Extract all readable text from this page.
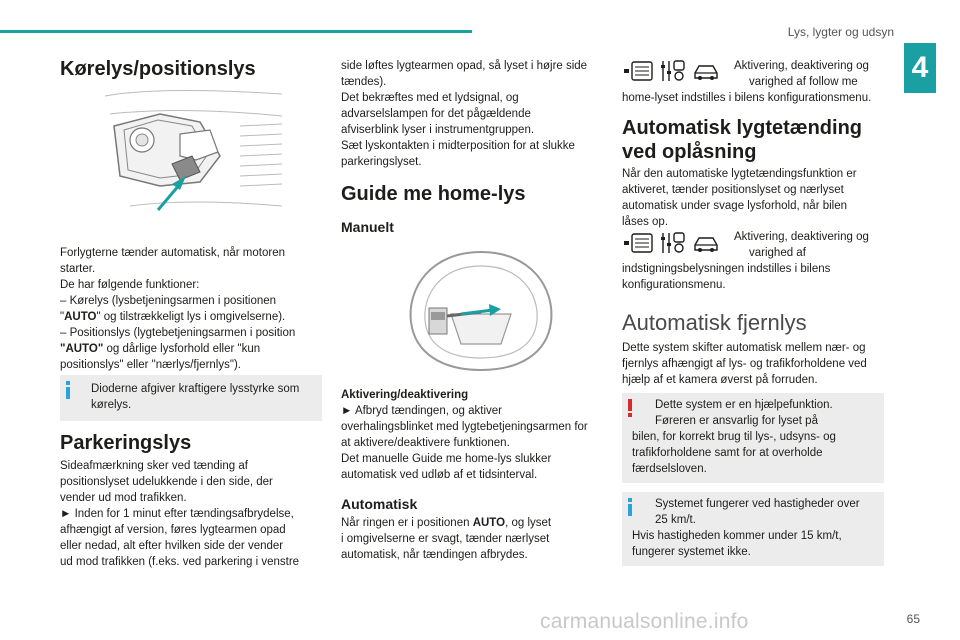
Lys, lygter og udsyn
4
Kørelys/positionslys
Forlygterne tænder automatisk, når motoren
starter.
De har følgende funktioner:
– Kørelys (lysbetjeningsarmen i positionen
"AUTO" og tilstrækkeligt lys i omgivelserne).
– Positionslys (lygtebetjeningsarmen i position
"AUTO" og dårlige lysforhold eller "kun
positionslys" eller "nærlys/fjernlys").
Dioderne afgiver kraftigere lysstyrke som
kørelys.
Parkeringslys
Sideafmærkning sker ved tænding af
positionslyset udelukkende i den side, der
vender ud mod trafikken.
► Inden for 1 minut efter tændingsafbrydelse,
afhængigt af version, føres lygtearmen opad
eller nedad, alt efter hvilken side der vender
ud mod trafikken (f.eks. ved parkering i venstre
side løftes lygtearmen opad, så lyset i højre side
tændes).
Det bekræftes med et lydsignal, og
advarselslampen for det pågældende
afviserblink lyser i instrumentgruppen.
Sæt lyskontakten i midterposition for at slukke
parkeringslyset.
Guide me home-lys
Manuelt
Aktivering/deaktivering
► Afbryd tændingen, og aktiver
overhalingsblinket med lygtebetjeningsarmen for
at aktivere/deaktivere funktionen.
Det manuelle Guide me home-lys slukker
automatisk ved udløb af et tidsinterval.
Automatisk
Når ringen er i positionen AUTO, og lyset
i omgivelserne er svagt, tænder nærlyset
automatisk, når tændingen afbrydes.
Aktivering, deaktivering og
varighed af follow me
home-lyset indstilles i bilens konfigurationsmenu.
Automatisk lygtetænding
ved oplåsning
Når den automatiske lygtetændingsfunktion er
aktiveret, tænder positionslyset og nærlyset
automatisk under svage lysforhold, når bilen
låses op.
Aktivering, deaktivering og
varighed af
indstigningsbelysningen indstilles i bilens
konfigurationsmenu.
Automatisk fjernlys
Dette system skifter automatisk mellem nær- og
fjernlys afhængigt af lys- og trafikforholdene ved
hjælp af et kamera øverst på forruden.
Dette system er en hjælpefunktion.
Føreren er ansvarlig for lyset på
bilen, for korrekt brug til lys-, udsyns- og
trafikforholdene samt for at overholde
færdselsloven.
Systemet fungerer ved hastigheder over
25 km/t.
Hvis hastigheden kommer under 15 km/t,
fungerer systemet ikke.
carmanualsonline.info	65
